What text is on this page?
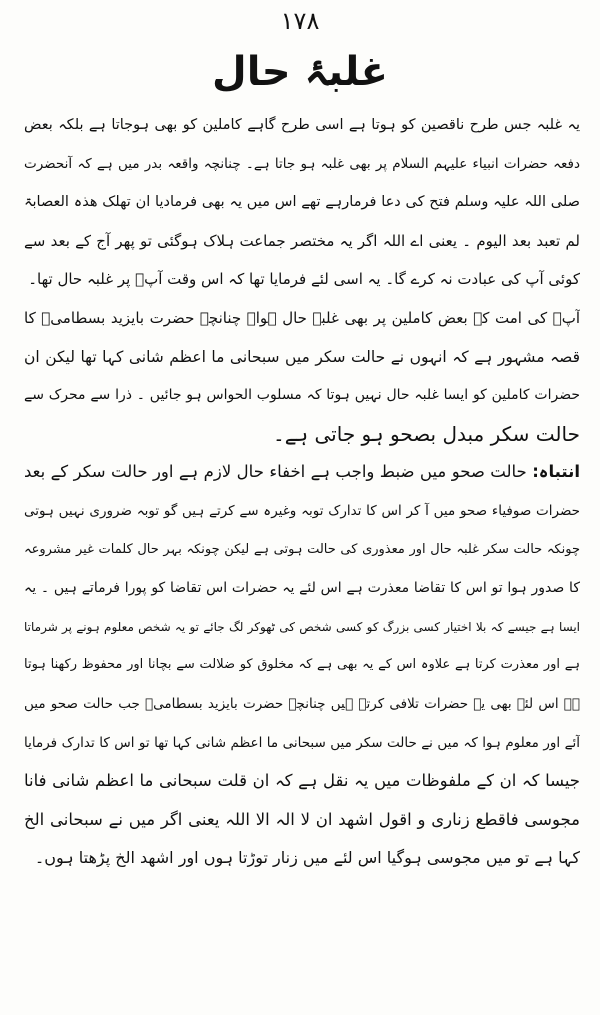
۱۷۸
غلبۂ حال
یہ غلبہ جس طرح ناقصین کو ہوتا ہے اسی طرح گاہے کاملین کو بھی ہوجاتا ہے بلکہ بعض
دفعہ حضرات انبیاء علیہم السلام پر بھی غلبہ ہو جاتا ہے۔ چنانچہ واقعہ بدر میں ہے کہ آنحضرت
صلی اللہ علیہ وسلم فتح کی دعا فرمارہے تھے اس میں یہ بھی فرمادیا ان تھلک ھذہ العصابۃ
لم تعبد بعد الیوم ۔ یعنی اے اللہ اگر یہ مختصر جماعت ہلاک ہوگئی تو پھر آج کے بعد سے
کوئی آپ کی عبادت نہ کرے گا۔ یہ اسی لئے فرمایا تھا کہ اس وقت آپؐ پر غلبہ حال تھا۔
آپؐ کی امت کے بعض کاملین پر بھی غلبہ حال ہوا۔ چنانچہ حضرت بایزید بسطامیؒ کا
قصہ مشہور ہے کہ انہوں نے حالت سکر میں سبحانی ما اعظم شانی کہا تھا لیکن ان
حضرات کاملین کو ایسا غلبہ حال نہیں ہوتا کہ مسلوب الحواس ہو جائیں ۔ ذرا سے محرک سے
حالت سکر مبدل بصحو ہو جاتی ہے۔
انتباہ: حالت صحو میں ضبط واجب ہے اخفاء حال لازم ہے اور حالت سکر کے بعد
حضرات صوفیاء صحو میں آ کر اس کا تدارک توبہ وغیرہ سے کرتے ہیں گو توبہ ضروری نہیں ہوتی
چونکہ حالت سکر غلبہ حال اور معذوری کی حالت ہوتی ہے لیکن چونکہ بہر حال کلمات غیر مشروعہ
کا صدور ہوا تو اس کا تقاضا معذرت ہے اس لئے یہ حضرات اس تقاضا کو پورا فرماتے ہیں ۔ یہ
ایسا ہے جیسے کہ بلا اختیار کسی بزرگ کو کسی شخص کی ٹھوکر لگ جائے تو یہ شخص معلوم ہونے پر شرماتا
ہے اور معذرت کرتا ہے علاوہ اس کے یہ بھی ہے کہ مخلوق کو ضلالت سے بچانا اور محفوظ رکھنا ہوتا
ہے اس لئے بھی یہ حضرات تلافی کرتے ہیں چنانچہ حضرت بایزید بسطامیؒ جب حالت صحو میں
آئے اور معلوم ہوا کہ میں نے حالت سکر میں سبحانی ما اعظم شانی کہا تھا تو اس کا تدارک فرمایا
جیسا کہ ان کے ملفوظات میں یہ نقل ہے کہ ان قلت سبحانی ما اعظم شانی فانا
مجوسی فاقطع زناری و اقول اشھد ان لا الہ الا اللہ یعنی اگر میں نے سبحانی الخ
کہا ہے تو میں مجوسی ہوگیا اس لئے میں زنار توڑتا ہوں اور اشھد الخ پڑھتا ہوں۔
